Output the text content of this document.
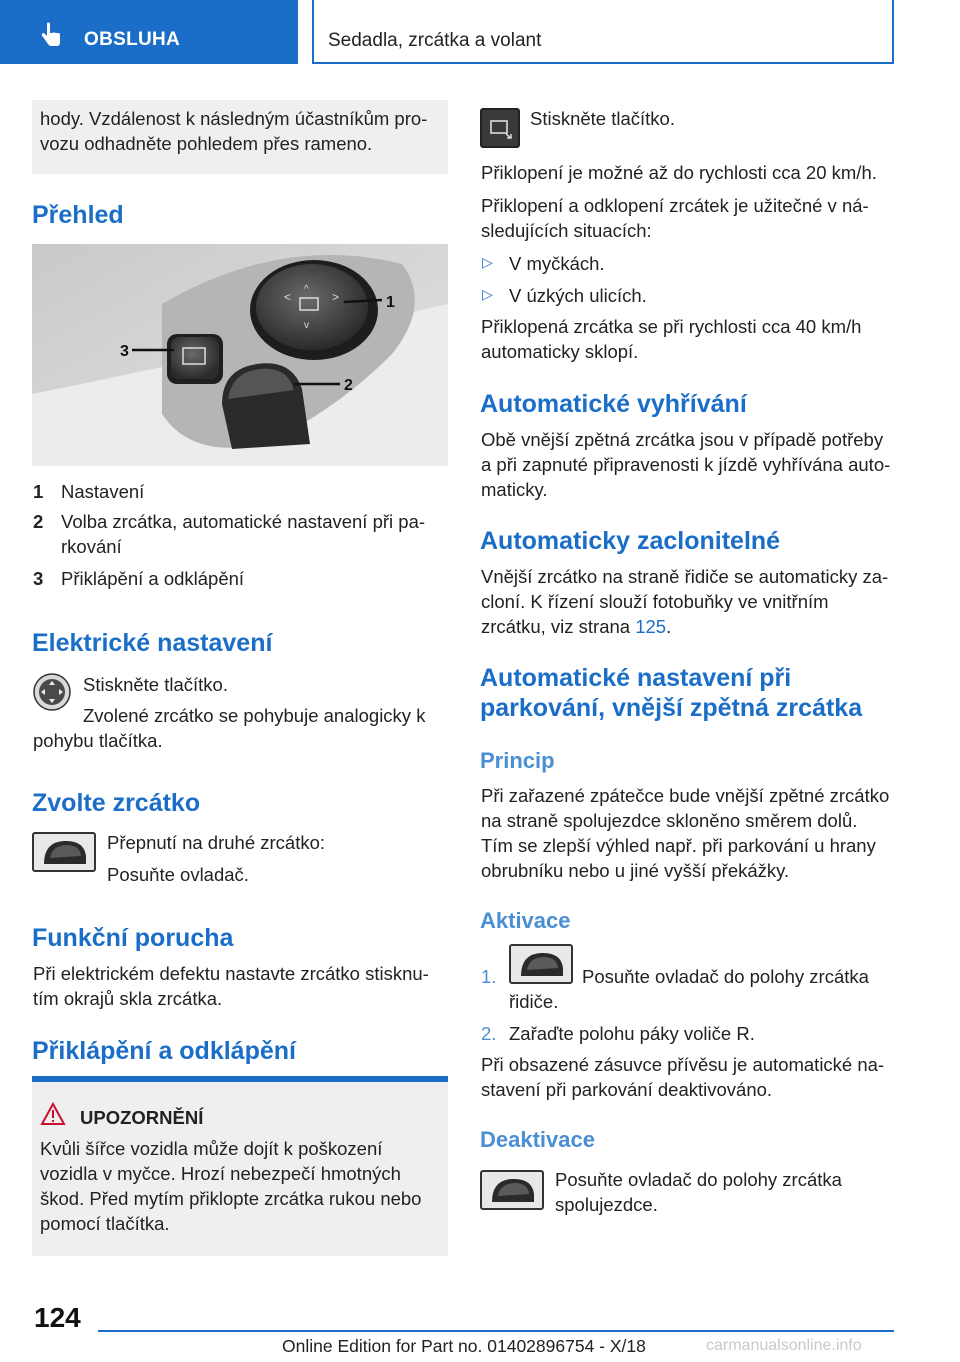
OBSLUHA	Sedadla, zrcátka a volant
hody. Vzdálenost k následným účastníkům pro‐
vozu odhadněte pohledem přes rameno.
Přehled
<	>
^
v
1
2
3
1 Nastavení
2 Volba zrcátka, automatické nastavení při pa‐
rkování
3 Přiklápění a odklápění
Elektrické nastavení
Stiskněte tlačítko.
Zvolené zrcátko se pohybuje analogicky k
pohybu tlačítka.
Zvolte zrcátko
Přepnutí na druhé zrcátko:
Posuňte ovladač.
Funkční porucha
Při elektrickém defektu nastavte zrcátko stisknu‐
tím okrajů skla zrcátka.
Přiklápění a odklápění
UPOZORNĚNÍ
Kvůli šířce vozidla může dojít k poškození
vozidla v myčce. Hrozí nebezpečí hmotných
škod. Před mytím přiklopte zrcátka rukou nebo
pomocí tlačítka.
Stiskněte tlačítko.
Přiklopení je možné až do rychlosti cca 20 km/h.
Přiklopení a odklopení zrcátek je užitečné v ná‐
sledujících situacích:
▷ V myčkách.
▷ V úzkých ulicích.
Přiklopená zrcátka se při rychlosti cca 40 km/h
automaticky sklopí.
Automatické vyhřívání
Obě vnější zpětná zrcátka jsou v případě potřeby
a při zapnuté připravenosti k jízdě vyhřívána auto‐
maticky.
Automaticky zaclonitelné
Vnější zrcátko na straně řidiče se automaticky za‐
cloní. K řízení slouží fotobuňky ve vnitřním
zrcátku, viz strana 125.
Automatické nastavení při
parkování, vnější zpětná zrcátka
Princip
Při zařazené zpátečce bude vnější zpětné zrcátko
na straně spolujezdce skloněno směrem dolů.
Tím se zlepší výhled např. při parkování u hrany
obrubníku nebo u jiné vyšší překážky.
Aktivace
1.	Posuňte ovladač do polohy zrcátka
řidiče.
2. Zařaďte polohu páky voliče R.
Při obsazené zásuvce přívěsu je automatické na‐
stavení při parkování deaktivováno.
Deaktivace
Posuňte ovladač do polohy zrcátka
spolujezdce.
124
Online Edition for Part no. 01402896754 - X/18	carmanualsonline.info
